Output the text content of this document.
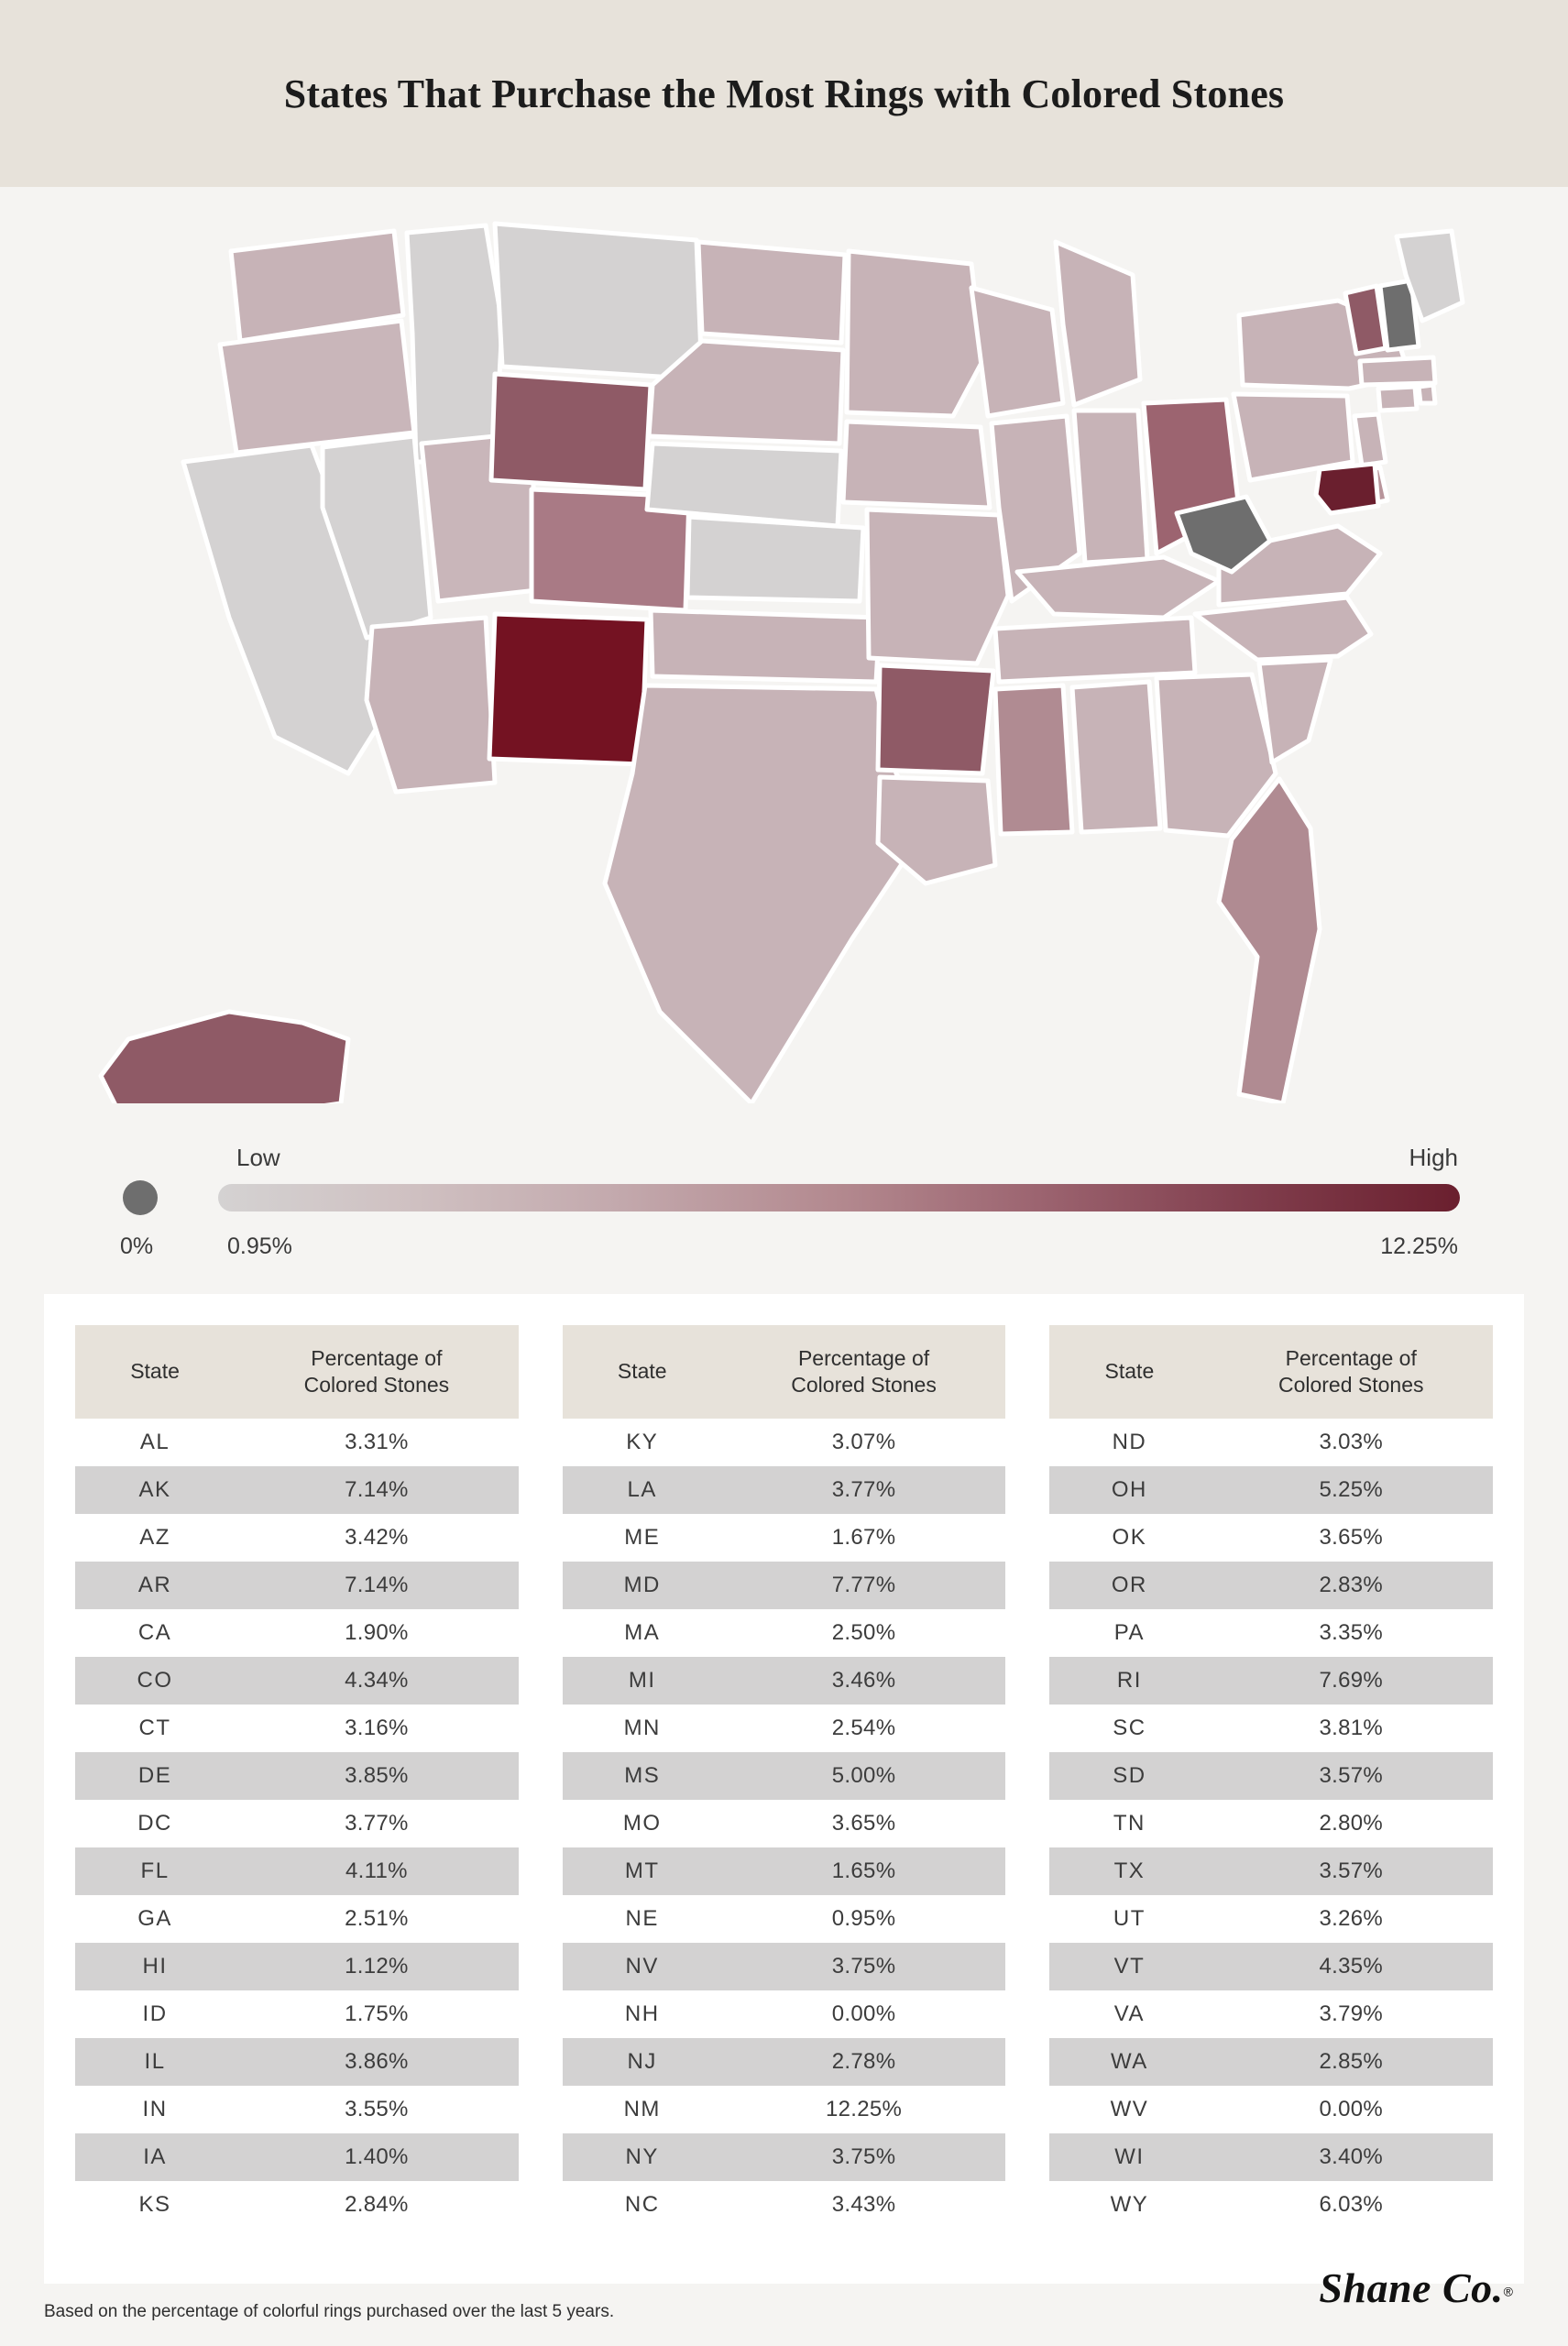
States That Purchase the Most Rings with Colored Stones
Low	High
0%	0.95%	12.25%
State	Percentage of
Colored Stones
AL	3.31%
AK	7.14%
AZ	3.42%
AR	7.14%
CA	1.90%
CO	4.34%
CT	3.16%
DE	3.85%
DC	3.77%
FL	4.11%
GA	2.51%
HI	1.12%
ID	1.75%
IL	3.86%
IN	3.55%
IA	1.40%
KS	2.84%
State	Percentage of
Colored Stones
KY	3.07%
LA	3.77%
ME	1.67%
MD	7.77%
MA	2.50%
MI	3.46%
MN	2.54%
MS	5.00%
MO	3.65%
MT	1.65%
NE	0.95%
NV	3.75%
NH	0.00%
NJ	2.78%
NM	12.25%
NY	3.75%
NC	3.43%
State	Percentage of
Colored Stones
ND	3.03%
OH	5.25%
OK	3.65%
OR	2.83%
PA	3.35%
RI	7.69%
SC	3.81%
SD	3.57%
TN	2.80%
TX	3.57%
UT	3.26%
VT	4.35%
VA	3.79%
WA	2.85%
WV	0.00%
WI	3.40%
WY	6.03%
Based on the percentage of colorful rings purchased over the last 5 years.
Shane Co.®
